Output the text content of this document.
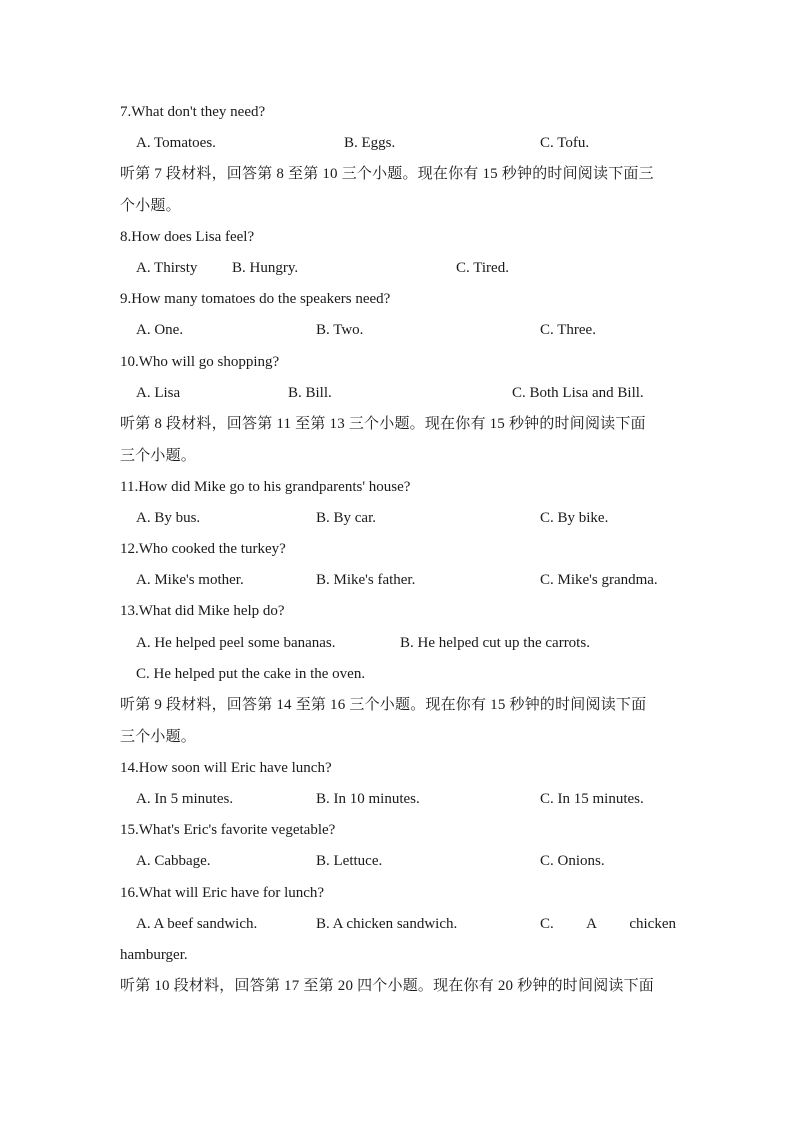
7.What don't they need?
A. Tomatoes.	B. Eggs.	C. Tofu.
听第 7 段材料，回答第 8 至第 10 三个小题。现在你有 15 秒钟的时间阅读下面三
个小题。
8.How does Lisa feel?
A. Thirsty B. Hungry.	C. Tired.
9.How many tomatoes do the speakers need?
A. One.	B. Two.	C. Three.
10.Who will go shopping?
A. Lisa	B. Bill.	C. Both Lisa and Bill.
听第 8 段材料，回答第 11 至第 13 三个小题。现在你有 15 秒钟的时间阅读下面
三个小题。
11.How did Mike go to his grandparents' house?
A. By bus.	B. By car.	C. By bike.
12.Who cooked the turkey?
A. Mike's mother.	B. Mike's father.	C. Mike's grandma.
13.What did Mike help do?
A. He helped peel some bananas.	B. He helped cut up the carrots.
C. He helped put the cake in the oven.
听第 9 段材料，回答第 14 至第 16 三个小题。现在你有 15 秒钟的时间阅读下面
三个小题。
14.How soon will Eric have lunch?
A. In 5 minutes.	B. In 10 minutes.	C. In 15 minutes.
15.What's Eric's favorite vegetable?
A. Cabbage.	B. Lettuce.	C. Onions.
16.What will Eric have for lunch?
A. A beef sandwich.	B. A chicken sandwich.	C. A chicken
hamburger.
听第 10 段材料，回答第 17 至第 20 四个小题。现在你有 20 秒钟的时间阅读下面
